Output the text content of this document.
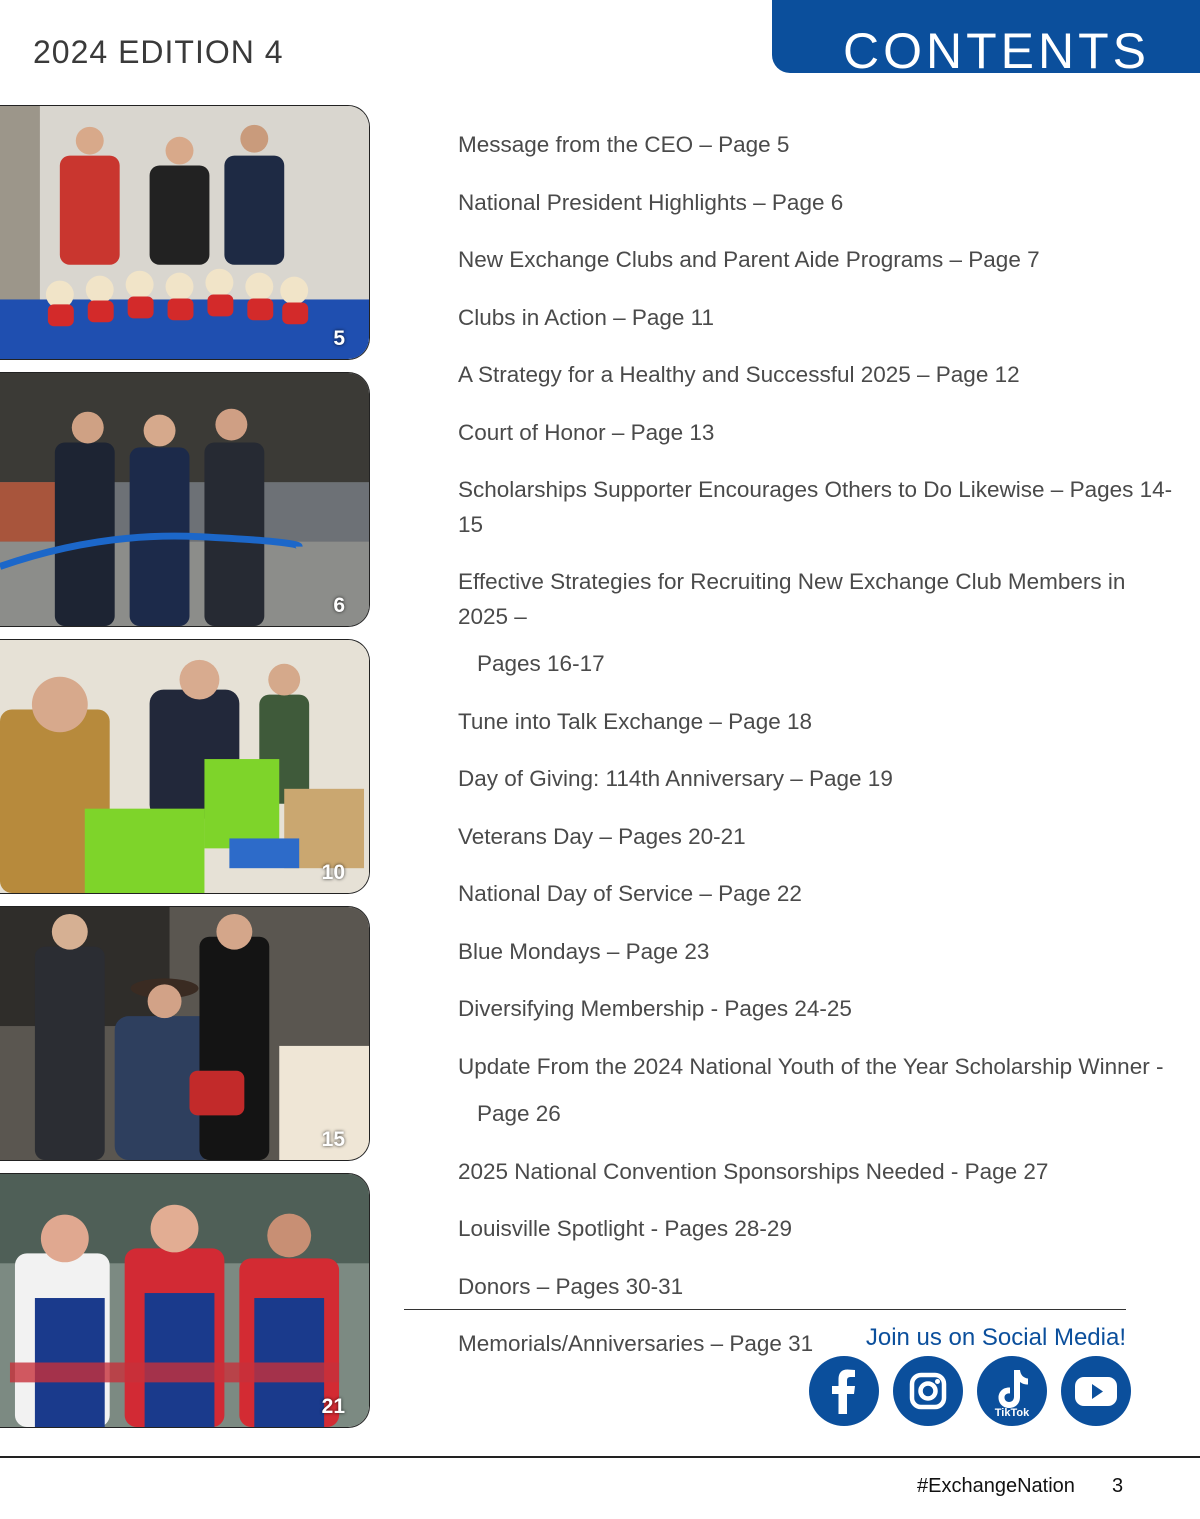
2024 EDITION 4	CONTENTS
5
6
10
15
21
Message from the CEO – Page 5
National President Highlights – Page 6
New Exchange Clubs and Parent Aide Programs – Page 7
Clubs in Action – Page 11
A Strategy for a Healthy and Successful 2025 – Page 12
Court of Honor – Page 13
Scholarships Supporter Encourages Others to Do Likewise – Pages 14-15
Effective Strategies for Recruiting New Exchange Club Members in 2025 –
Pages 16-17
Tune into Talk Exchange – Page 18
Day of Giving: 114th Anniversary – Page 19
Veterans Day – Pages 20-21
National Day of Service – Page 22
Blue Mondays – Page 23
Diversifying Membership - Pages 24-25
Update From the 2024 National Youth of the Year Scholarship Winner -
Page 26
2025 National Convention Sponsorships Needed - Page 27
Louisville Spotlight - Pages 28-29
Donors – Pages 30-31
Memorials/Anniversaries – Page 31	Join us on Social Media!
TikTok
#ExchangeNation 3
